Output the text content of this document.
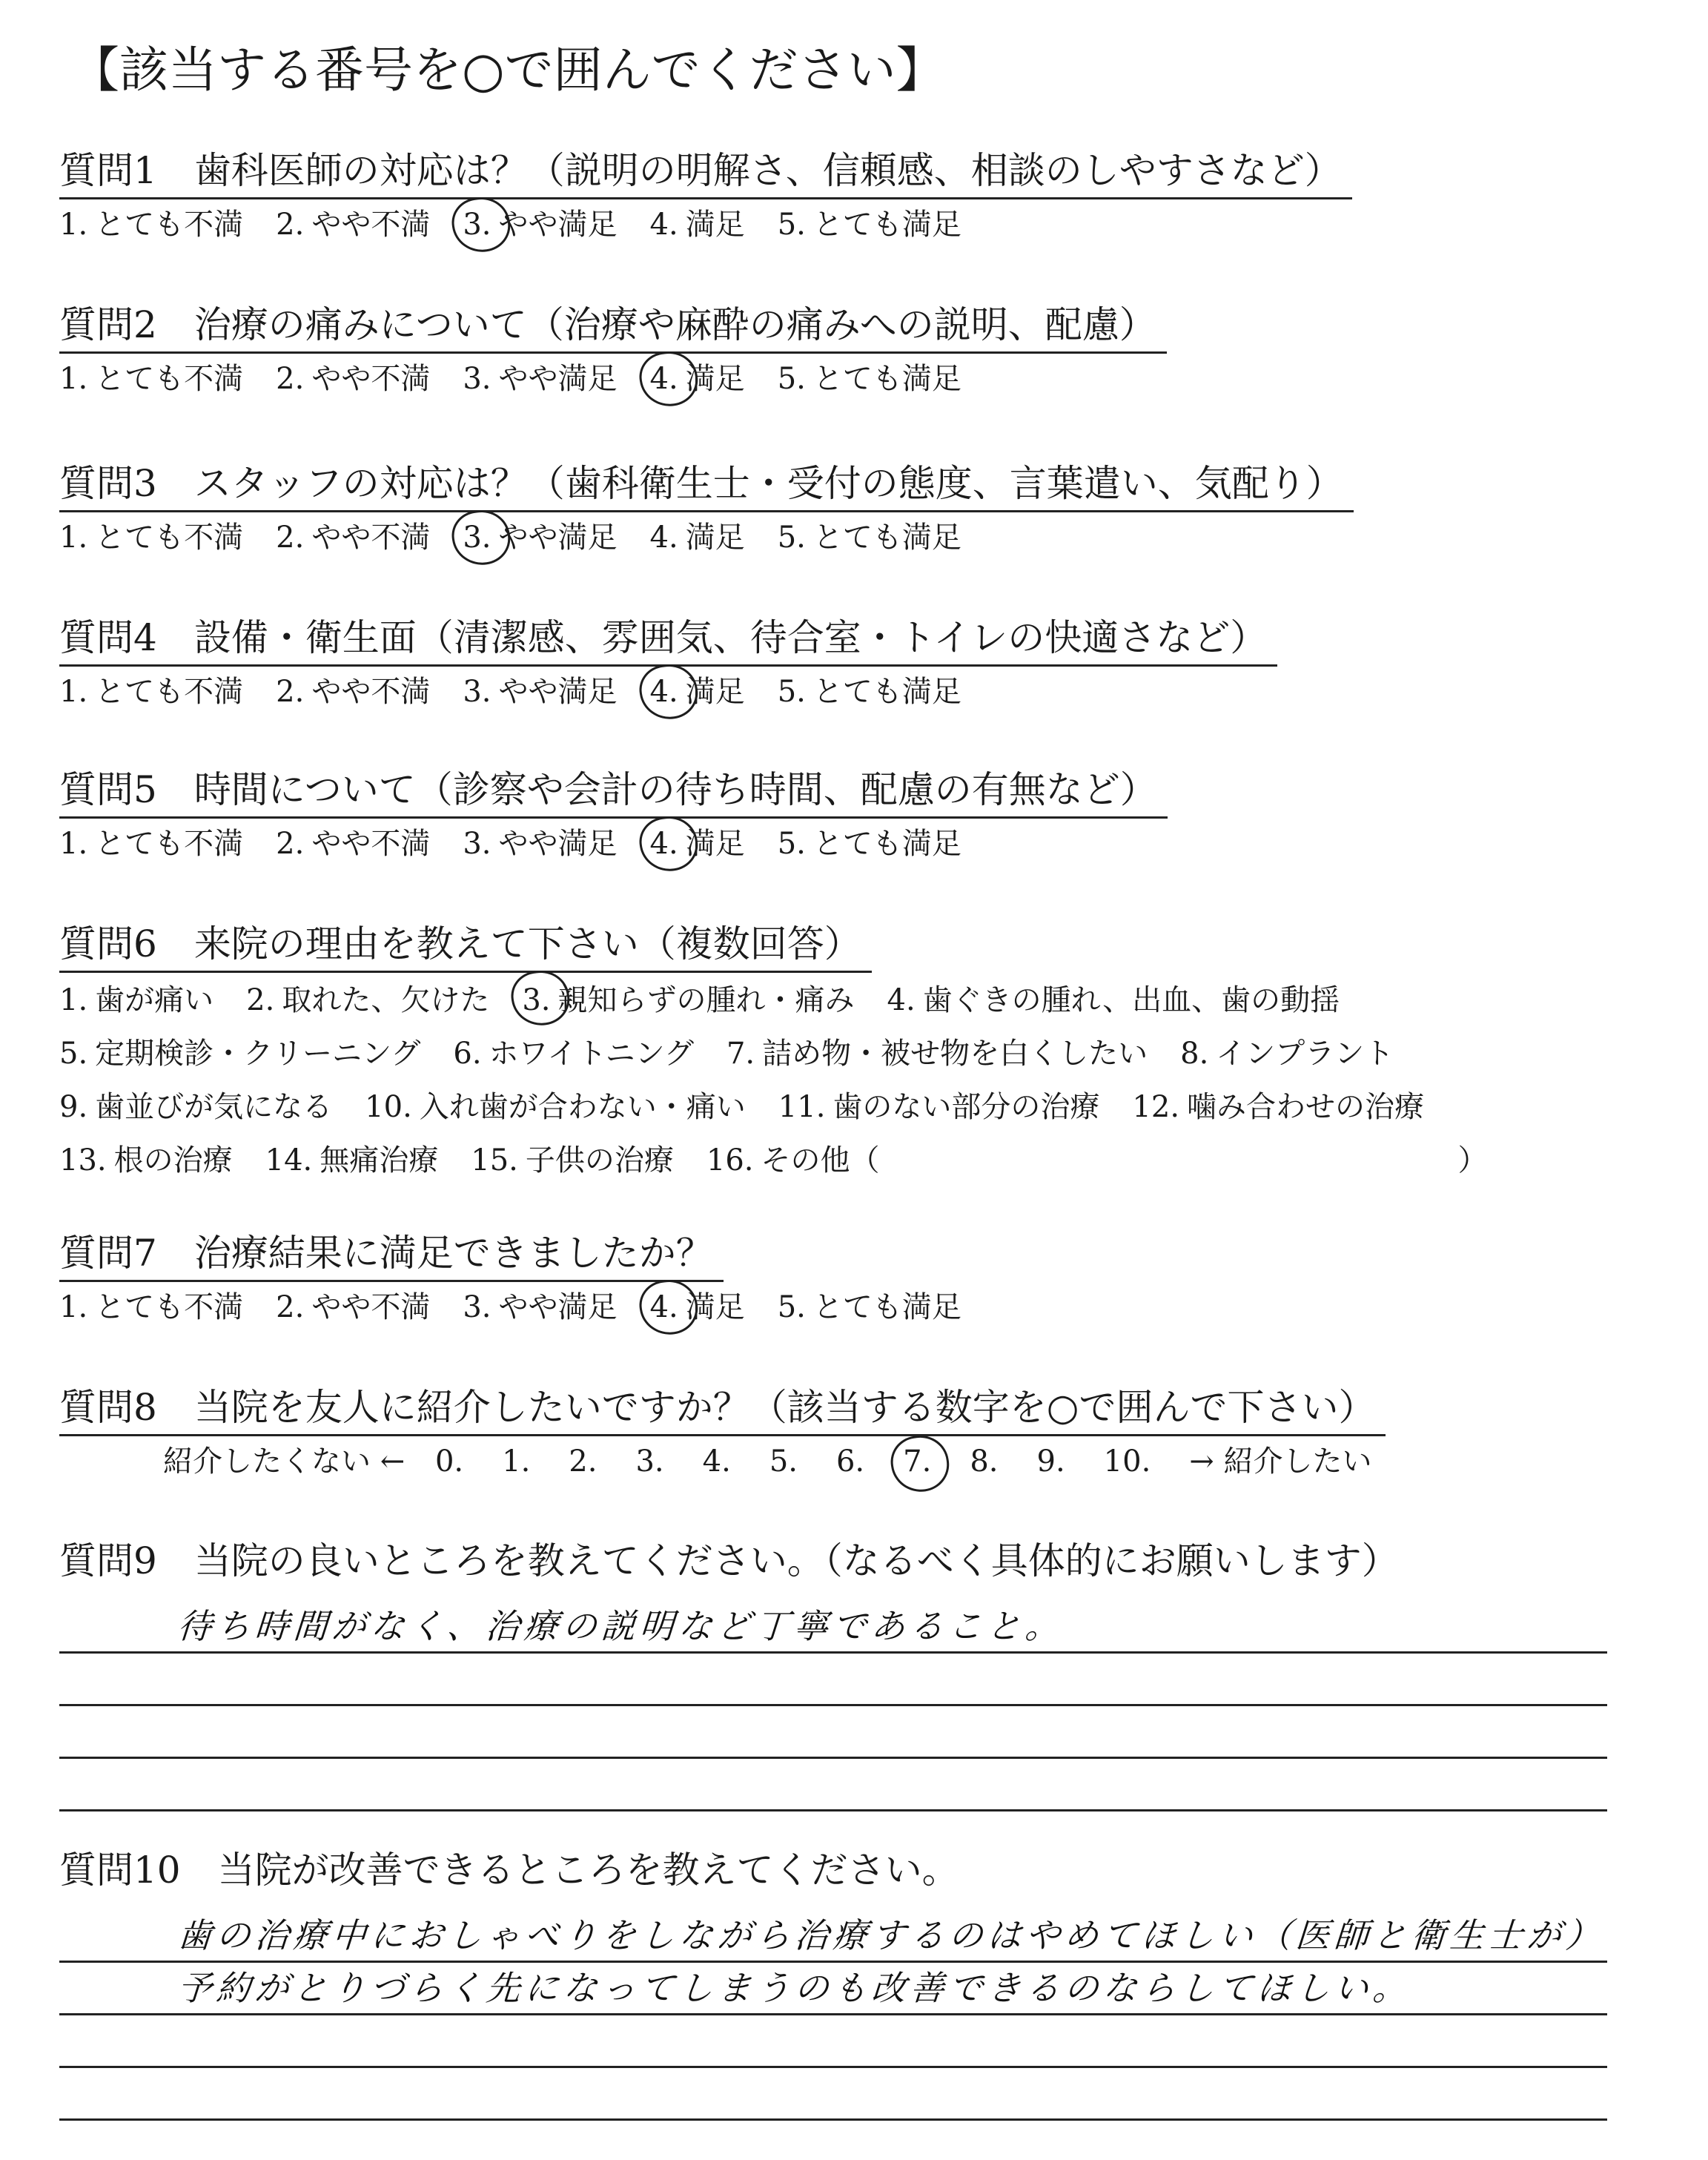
【該当する番号を○で囲んでください】
質問1 歯科医師の対応は？（説明の明解さ、信頼感、相談のしやすさなど）
1. とても不満 2. やや不満 3. やや満足 4. 満足 5. とても満足
質問2 治療の痛みについて（治療や麻酔の痛みへの説明、配慮）
1. とても不満 2. やや不満 3. やや満足 4. 満足 5. とても満足
質問3 スタッフの対応は？（歯科衛生士・受付の態度、言葉遣い、気配り）
1. とても不満 2. やや不満 3. やや満足 4. 満足 5. とても満足
質問4 設備・衛生面（清潔感、雰囲気、待合室・トイレの快適さなど）
1. とても不満 2. やや不満 3. やや満足 4. 満足 5. とても満足
質問5 時間について（診察や会計の待ち時間、配慮の有無など）
1. とても不満 2. やや不満 3. やや満足 4. 満足 5. とても満足
質問6 来院の理由を教えて下さい（複数回答）
1. 歯が痛い 2. 取れた、欠けた 3. 親知らずの腫れ・痛み 4. 歯ぐきの腫れ、出血、歯の動揺
5. 定期検診・クリーニング 6. ホワイトニング 7. 詰め物・被せ物を白くしたい 8. インプラント
9. 歯並びが気になる 10. 入れ歯が合わない・痛い 11. 歯のない部分の治療 12. 噛み合わせの治療
13. 根の治療 14. 無痛治療 15. 子供の治療 16. その他（	）
質問7 治療結果に満足できましたか？
1. とても不満 2. やや不満 3. やや満足 4. 満足 5. とても満足
質問8 当院を友人に紹介したいですか？（該当する数字を○で囲んで下さい）
紹介したくない ← 0. 1. 2. 3. 4. 5. 6. 7. 8. 9. 10. → 紹介したい
質問9 当院の良いところを教えてください。（なるべく具体的にお願いします）
待ち時間がなく、治療の説明など丁寧であること。
質問10 当院が改善できるところを教えてください。
歯の治療中におしゃべりをしながら治療するのはやめてほしい（医師と衛生士が）
予約がとりづらく先になってしまうのも改善できるのならしてほしい。
